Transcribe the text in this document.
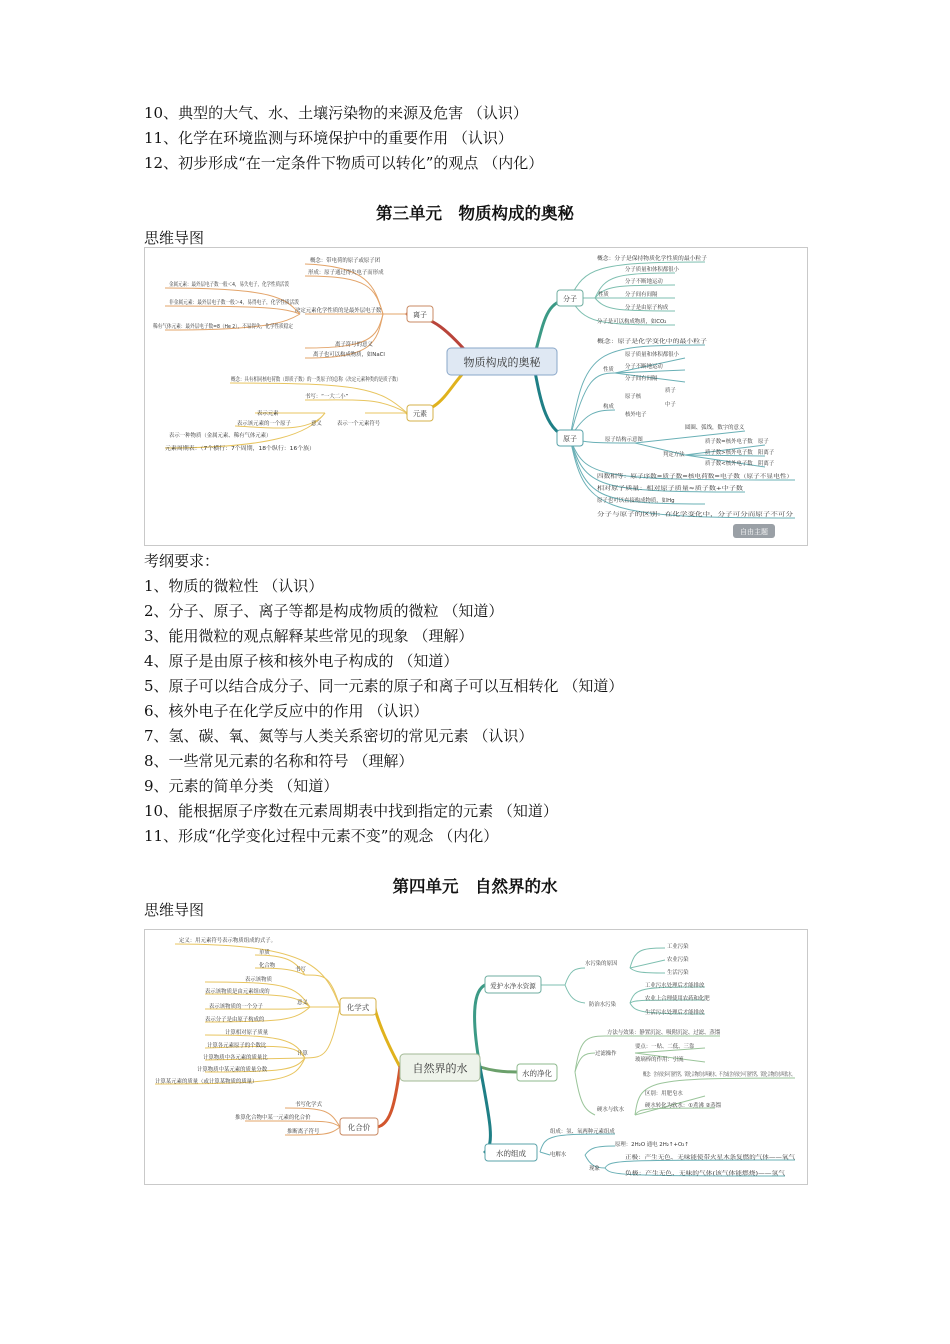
10、典型的大气、水、土壤污染物的来源及危害 （认识）
11、化学在环境监测与环境保护中的重要作用 （认识）
12、初步形成“在一定条件下物质可以转化”的观点 （内化）
第三单元　物质构成的奥秘
思维导图
物质构成的奥秘
离子
元素
分子
原子
概念：带电荷的原子或原子团
形成：原子通过得失电子而形成
决定元素化学性质的是最外层电子数
离子符号的意义
离子也可以构成物质，如NaCl
金属元素：最外层电子数一般＜4，易失电子，化学性质活泼
非金属元素：最外层电子数一般＞4，易得电子，化学性质活泼
稀有气体元素：最外层电子数=8（He 2），不易得失，化学性质稳定
概念：具有相同核电荷数（即质子数）的一类原子的总称（决定元素种类的是质子数）
书写：“一大二小”
表示元素
表示该元素的一个原子
表示一种物质（金属元素、稀有气体元素）
元素周期表：（7个横行：7个周期，18个纵行：16个族）
意义	表示一个元素符号
概念：分子是保持物质化学性质的最小粒子
分子质量和体积都很小
分子不断地运动
分子间有间隔
分子是由原子构成
分子是可以构成物质，如CO₂
性质
概念：原子是化学变化中的最小粒子
原子质量和体积都很小
分子不断地运动
分子间有间隔
性质
原子核
质子
中子
核外电子
构成
原子结构示意图
圆圈、弧线，数字的意义
质子数=核外电子数　原子
质子数>核外电子数　阳离子
质子数<核外电子数　阴离子
判定方法
四数相等：原子序数=质子数=核电荷数=电子数（原子不显电性）
相对原子质量：相对原子质量≈质子数+中子数
原子也可以直接构成物质，如Hg
分子与原子的区别：在化学变化中，分子可分而原子不可分
自由主题
考纲要求：
1、物质的微粒性 （认识）
2、分子、原子、离子等都是构成物质的微粒 （知道）
3、能用微粒的观点解释某些常见的现象 （理解）
4、原子是由原子核和核外电子构成的 （知道）
5、原子可以结合成分子、同一元素的原子和离子可以互相转化 （知道）
6、核外电子在化学反应中的作用 （认识）
7、氢、碳、氧、氮等与人类关系密切的常见元素 （认识）
8、一些常见元素的名称和符号 （理解）
9、元素的简单分类 （知道）
10、能根据原子序数在元素周期表中找到指定的元素 （知道）
11、形成“化学变化过程中元素不变”的观念 （内化）
第四单元　自然界的水
思维导图
自然界的水
化学式
化合价
爱护水净水资源
水的净化
水的组成
定义：用元素符号表示物质组成的式子。
单质
化合物
书写
表示该物质
表示该物质是由元素组成的
表示该物质的一个分子
表示分子是由原子构成的
意义
计算相对原子质量
计算各元素原子的个数比
计算物质中各元素的质量比
计算物质中某元素的质量分数
计算某元素的质量（或计算某物质的质量）
计算
书写化学式
推算化合物中某一元素的化合价
推断离子符号
水污染的原因
工业污染
农业污染
生活污染
工业污水处理后才能排放
农业上合理使用农药和化肥
生活污水处理后才能排放
防治水污染
方法与效果：静置沉淀、吸附沉淀、过滤、蒸馏
要点：一贴、二低、三靠
玻璃棒的作用：引流
过滤操作
概念：含有较多可溶性钙、镁化合物的水叫硬水。不含或含有较少可溶性钙、镁化合物的水叫软水。
区别：用肥皂水
硬水转化为软水：①煮沸 ②蒸馏
硬水与软水
组成：氢、氧两种元素组成
原理：2H₂O 通电 2H₂↑+O₂↑
正极：产生无色、无味能使带火星木条复燃的气体——氧气
负极：产生无色、无味的气体(该气体能燃烧)——氢气
现象
电解水
